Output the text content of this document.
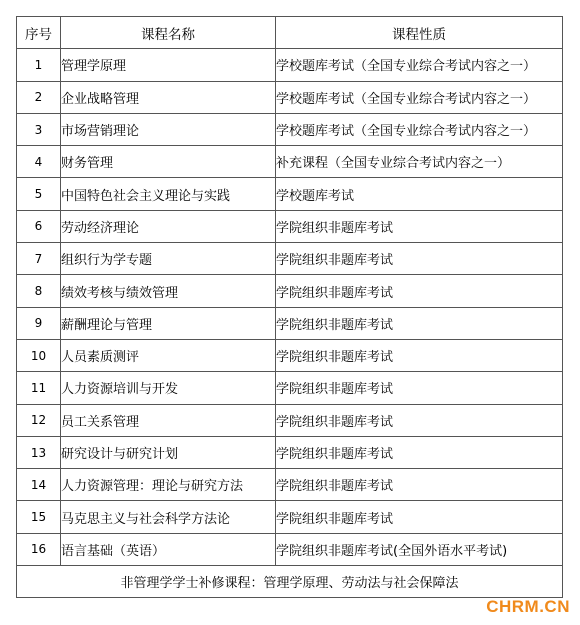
序号	课程名称	课程性质
1	管理学原理	学校题库考试（全国专业综合考试内容之一）
2	企业战略管理	学校题库考试（全国专业综合考试内容之一）
3	市场营销理论	学校题库考试（全国专业综合考试内容之一）
4	财务管理	补充课程（全国专业综合考试内容之一）
5	中国特色社会主义理论与实践	学校题库考试
6	劳动经济理论	学院组织非题库考试
7	组织行为学专题	学院组织非题库考试
8	绩效考核与绩效管理	学院组织非题库考试
9	薪酬理论与管理	学院组织非题库考试
10	人员素质测评	学院组织非题库考试
11	人力资源培训与开发	学院组织非题库考试
12	员工关系管理	学院组织非题库考试
13	研究设计与研究计划	学院组织非题库考试
14	人力资源管理：理论与研究方法	学院组织非题库考试
15	马克思主义与社会科学方法论	学院组织非题库考试
16	语言基础（英语）	学院组织非题库考试(全国外语水平考试)
非管理学学士补修课程：管理学原理、劳动法与社会保障法		
CHRM.CN
